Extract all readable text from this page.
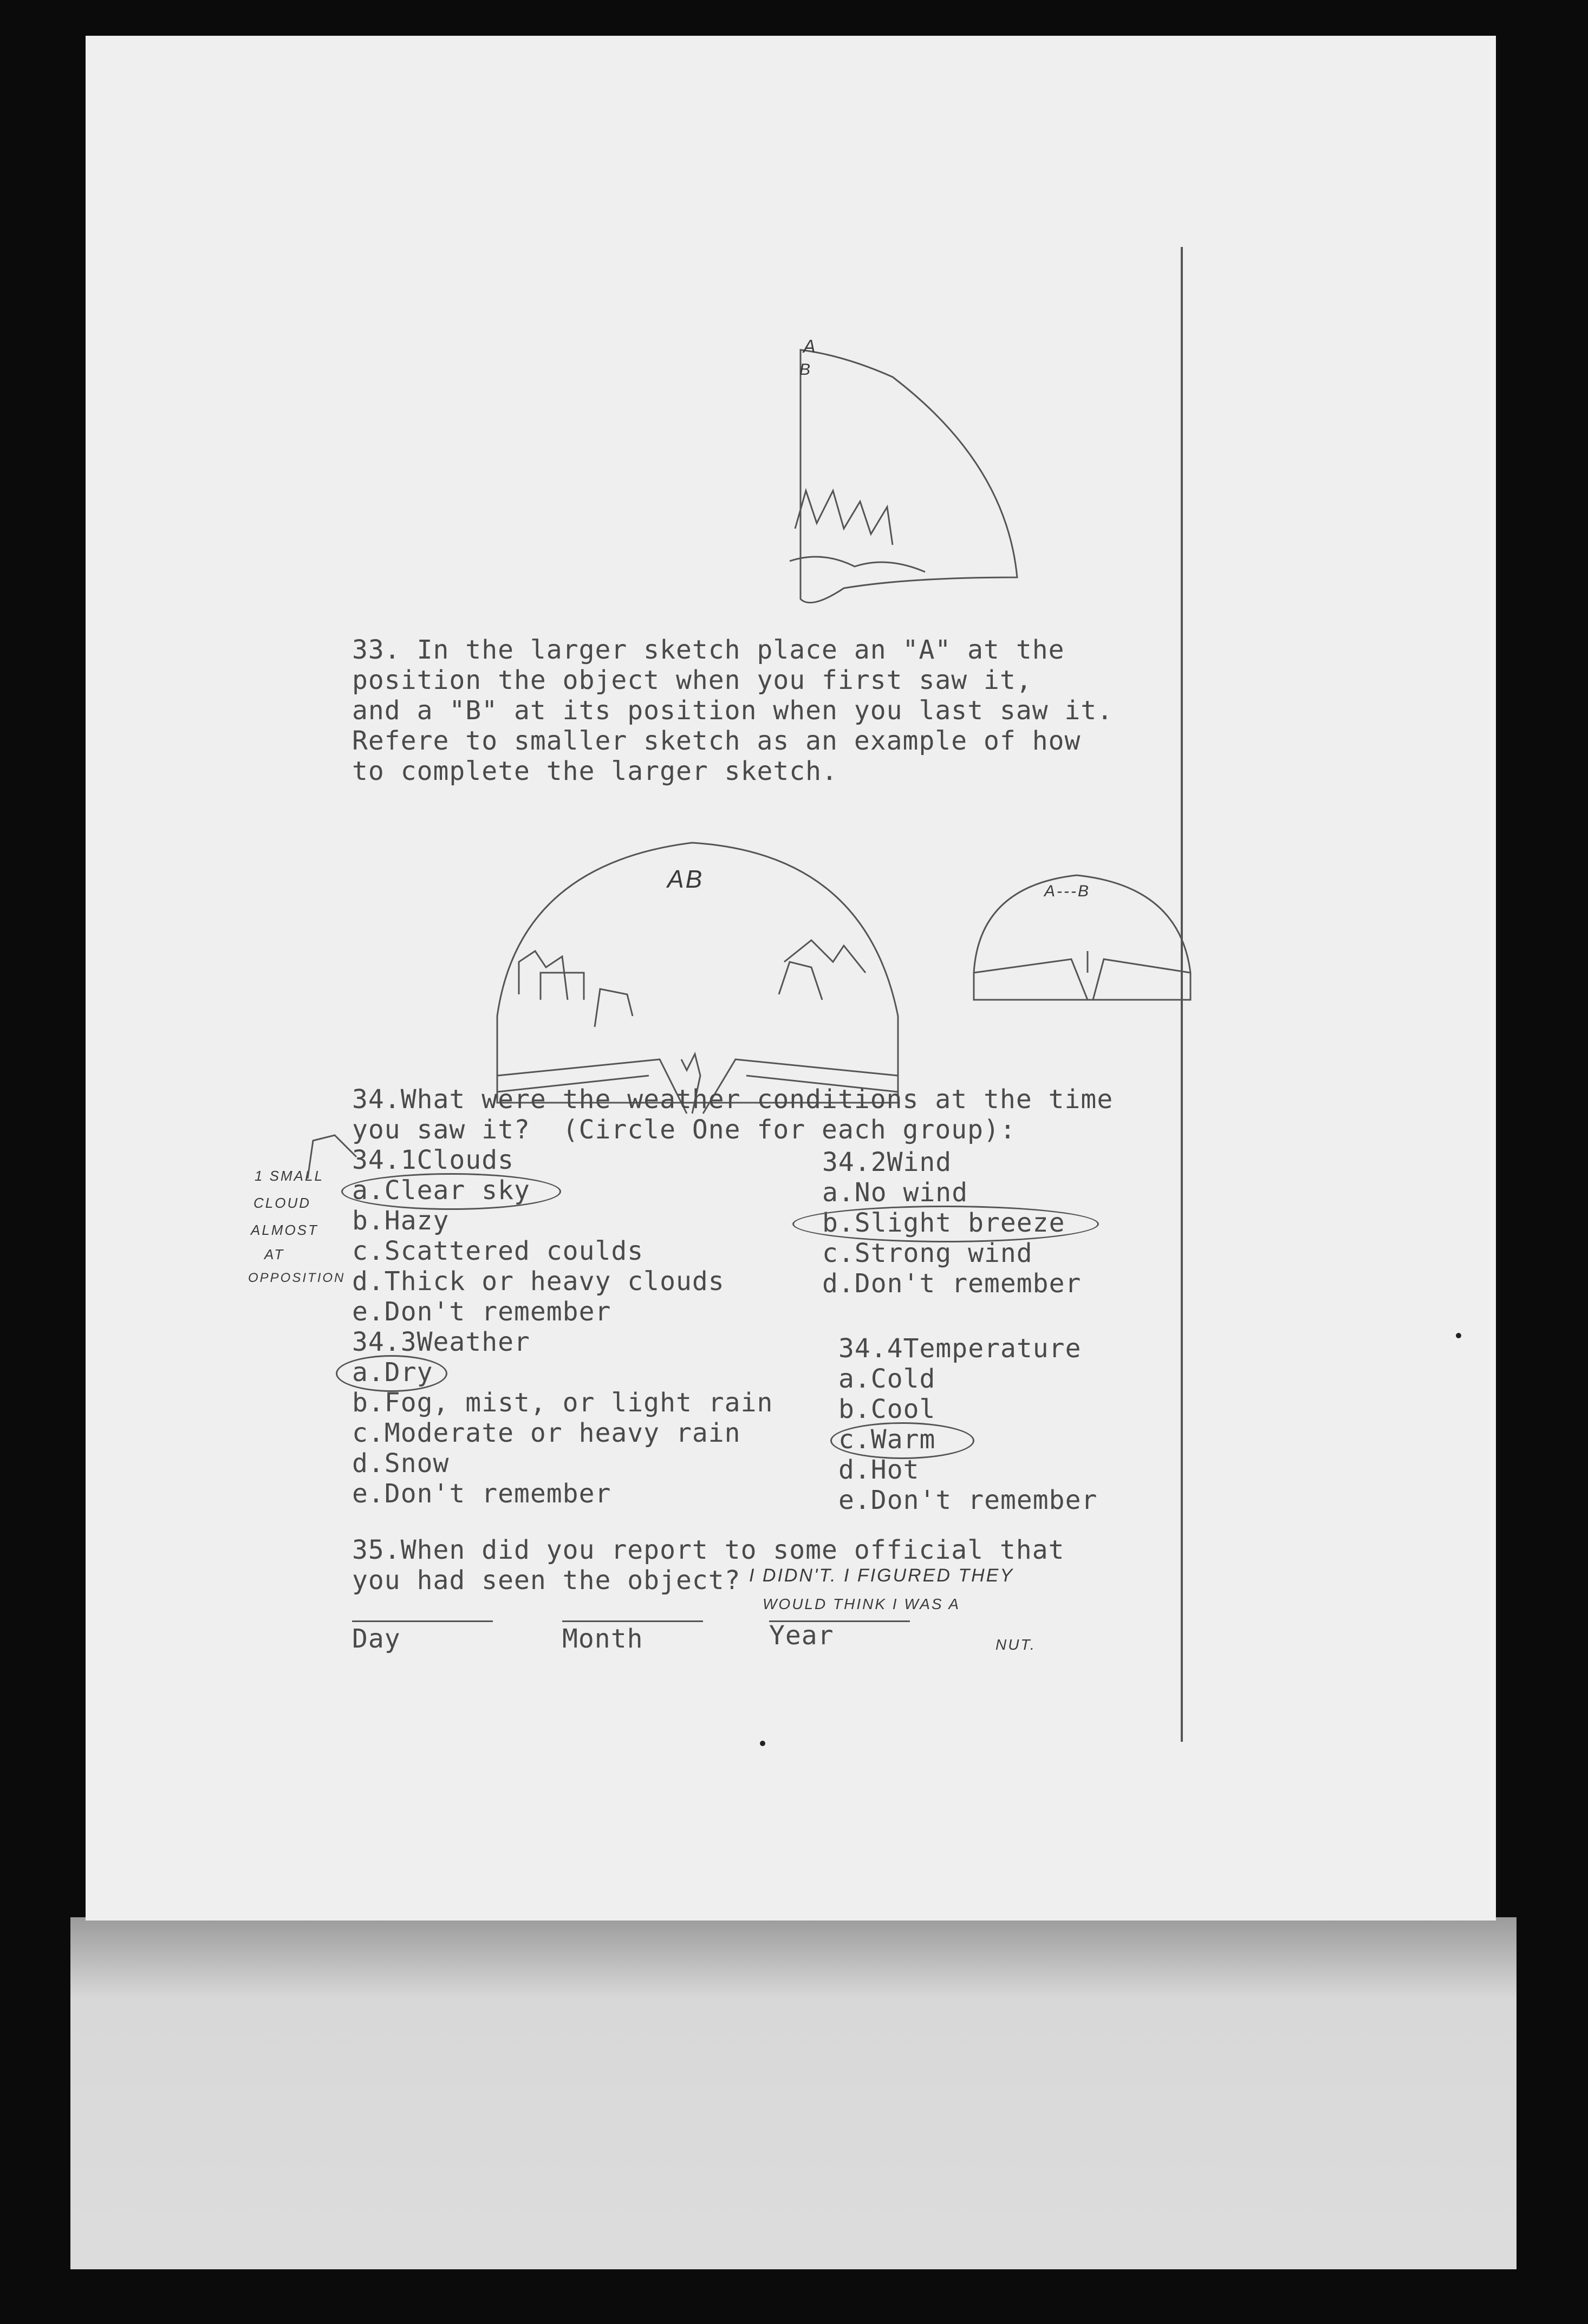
A
B
33. In the larger sketch place an "A" at the
position the object when you first saw it,
and a "B" at its position when you last saw it.
Refere to smaller sketch as an example of how
to complete the larger sketch.
AB	A---B
34.What were the weather conditions at the time
you saw it?  (Circle One for each group):
34.1Clouds
a.Clear sky
b.Hazy
c.Scattered coulds
d.Thick or heavy clouds
e.Don't remember
34.2Wind
a.No wind
b.Slight breeze
c.Strong wind
d.Don't remember
1 SMALL
CLOUD
ALMOST
AT
OPPOSITION
34.3Weather
a.Dry
b.Fog, mist, or light rain
c.Moderate or heavy rain
d.Snow
e.Don't remember
34.4Temperature
a.Cold
b.Cool
c.Warm
d.Hot
e.Don't remember
35.When did you report to some official that
you had seen the object? I DIDN'T. I FIGURED THEY
WOULD THINK I WAS A
NUT.
Day	Month	Year
